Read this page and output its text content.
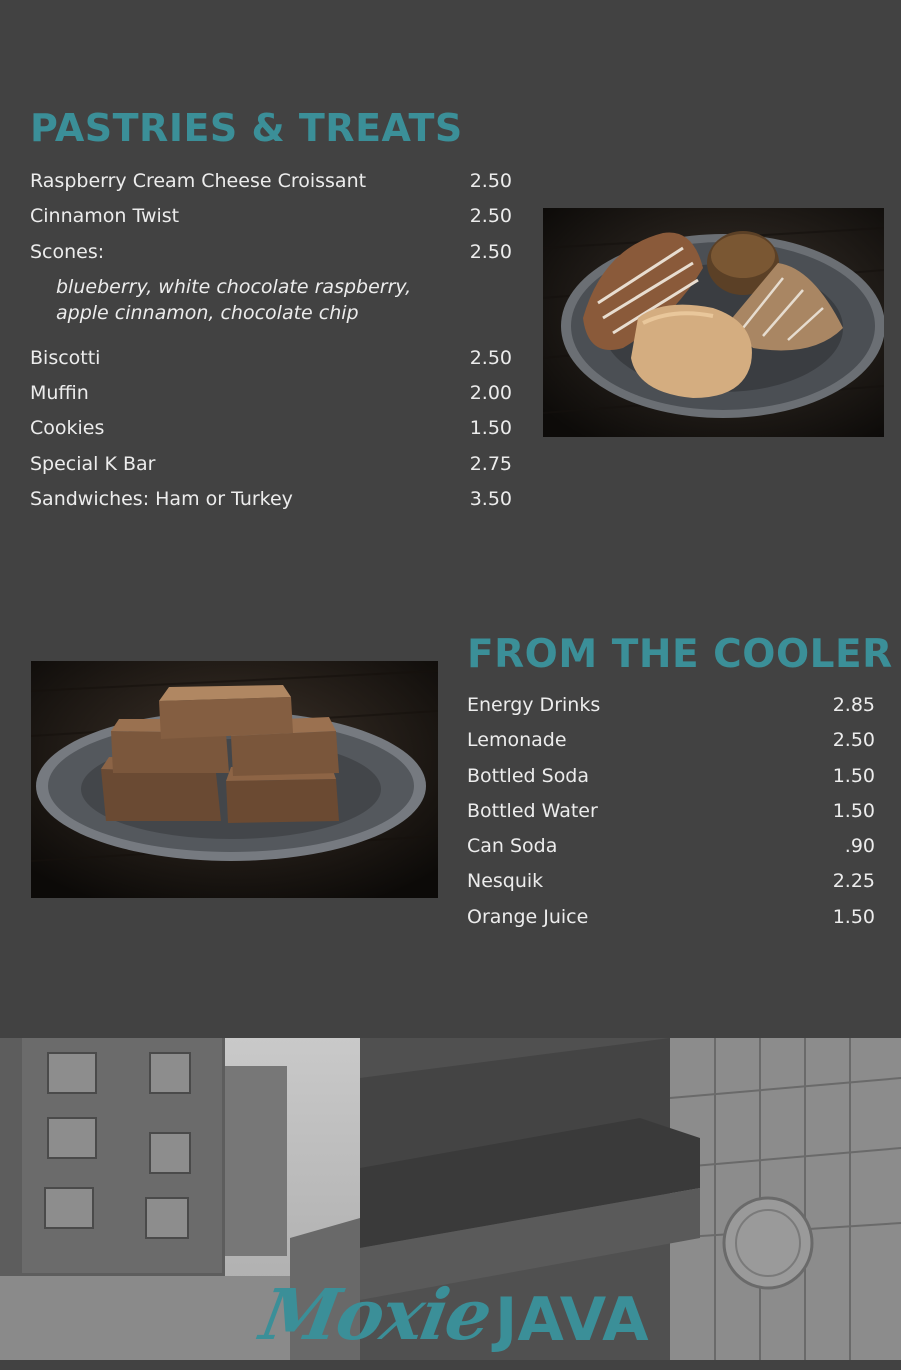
PASTRIES & TREATS
Raspberry Cream Cheese Croissant	2.50
Cinnamon Twist	2.50
Scones:	2.50
blueberry, white chocolate raspberry,
apple cinnamon, chocolate chip
Biscotti	2.50
Muffin	2.00
Cookies	1.50
Special K Bar	2.75
Sandwiches: Ham or Turkey	3.50
FROM THE COOLER
Energy Drinks	2.85
Lemonade	2.50
Bottled Soda	1.50
Bottled Water	1.50
Can Soda	.90
Nesquik	2.25
Orange Juice	1.50
MoxieJAVA
